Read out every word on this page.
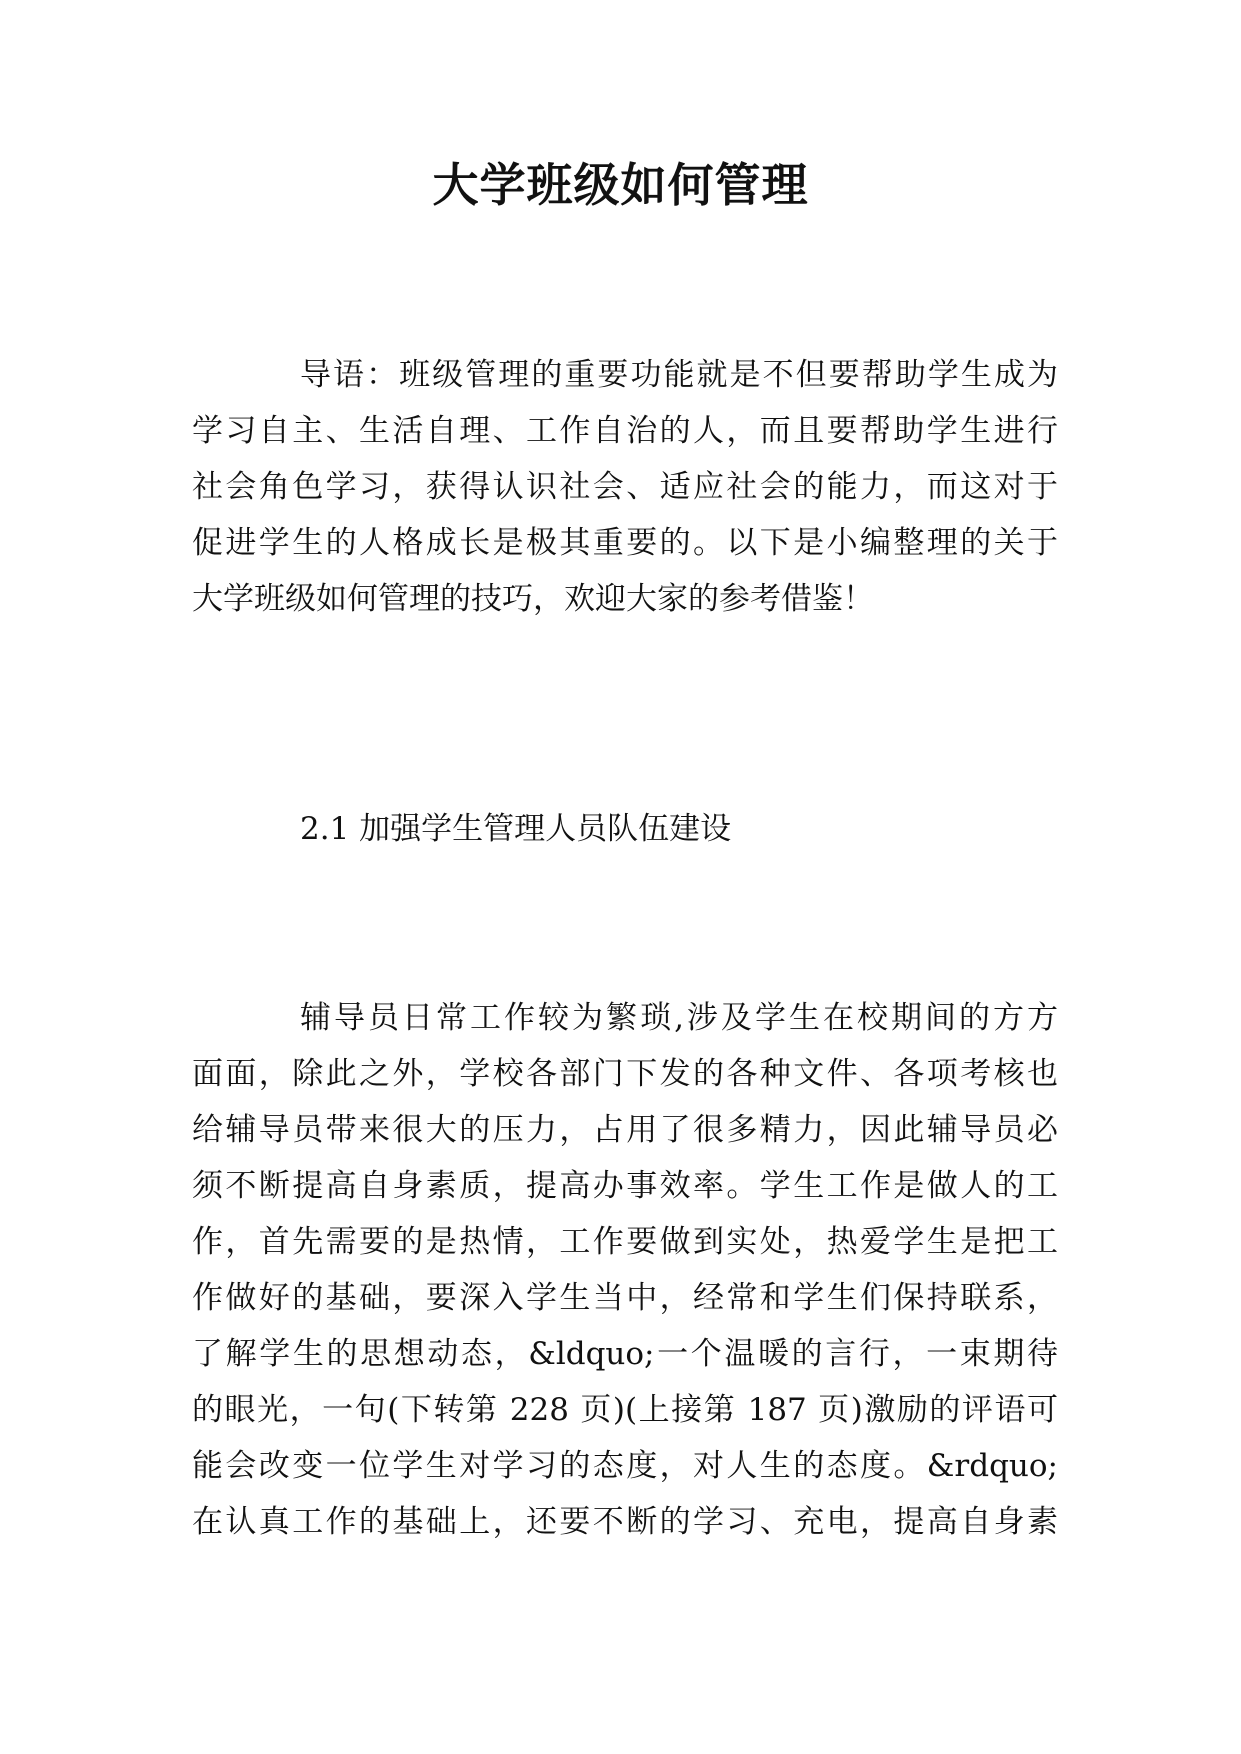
大学班级如何管理
导语：班级管理的重要功能就是不但要帮助学生成为
学习自主、生活自理、工作自治的人，而且要帮助学生进行
社会角色学习，获得认识社会、适应社会的能力，而这对于
促进学生的人格成长是极其重要的。以下是小编整理的关于
大学班级如何管理的技巧，欢迎大家的参考借鉴！

2.1 加强学生管理人员队伍建设

辅导员日常工作较为繁琐,涉及学生在校期间的方方
面面，除此之外，学校各部门下发的各种文件、各项考核也
给辅导员带来很大的压力，占用了很多精力，因此辅导员必
须不断提高自身素质，提高办事效率。学生工作是做人的工
作，首先需要的是热情，工作要做到实处，热爱学生是把工
作做好的基础，要深入学生当中，经常和学生们保持联系，
了解学生的思想动态，&ldquo;一个温暖的言行，一束期待
的眼光，一句(下转第 228 页)(上接第 187 页)激励的评语可
能会改变一位学生对学习的态度，对人生的态度。&rdquo;
在认真工作的基础上，还要不断的学习、充电，提高自身素
